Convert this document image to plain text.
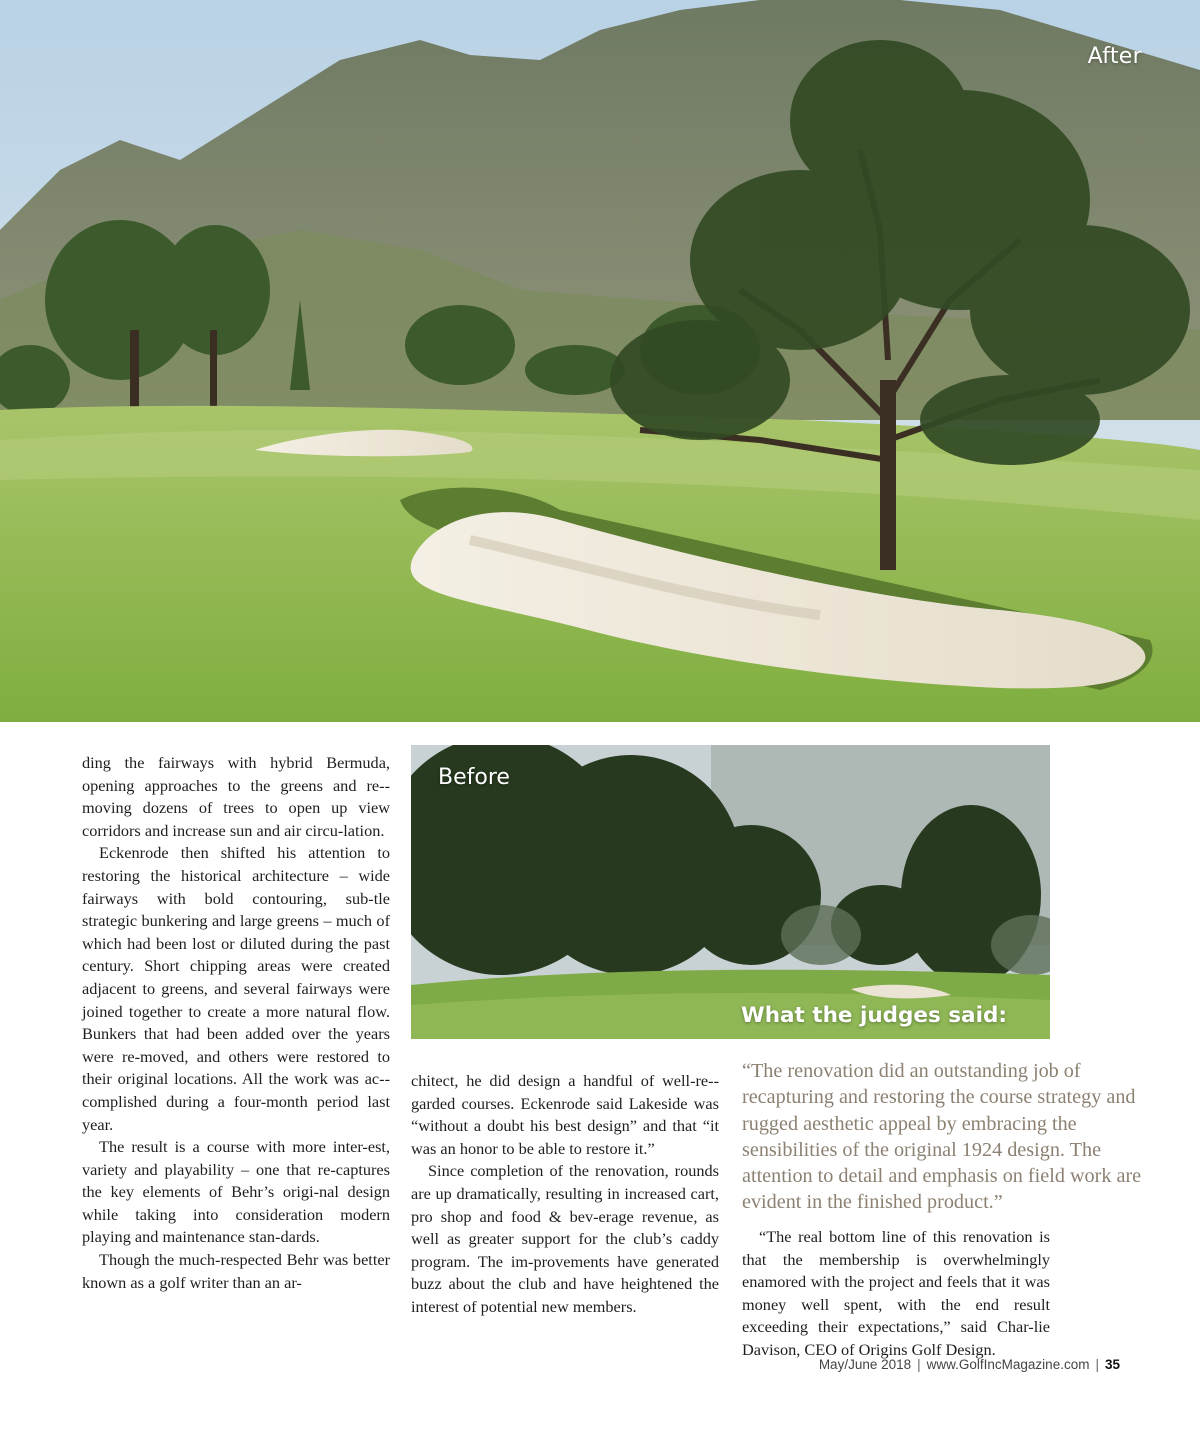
After

ding the fairways with hybrid Bermuda, opening approaches to the greens and re-moving dozens of trees to open up view corridors and increase sun and air circu-lation.

Eckenrode then shifted his attention to restoring the historical architecture – wide fairways with bold contouring, sub-tle strategic bunkering and large greens – much of which had been lost or diluted during the past century. Short chipping areas were created adjacent to greens, and several fairways were joined together to create a more natural flow. Bunkers that had been added over the years were re-moved, and others were restored to their original locations. All the work was ac-complished during a four-month period last year.

The result is a course with more inter-est, variety and playability – one that re-captures the key elements of Behr’s origi-nal design while taking into consideration modern playing and maintenance stan-dards.

Though the much-respected Behr was better known as a golf writer than an ar-

Before
What the judges said:

chitect, he did design a handful of well-re-garded courses. Eckenrode said Lakeside was “without a doubt his best design” and that “it was an honor to be able to restore it.”

Since completion of the renovation, rounds are up dramatically, resulting in increased cart, pro shop and food & bev-erage revenue, as well as greater support for the club’s caddy program. The im-provements have generated buzz about the club and have heightened the interest of potential new members.

“The renovation did an outstanding job of recapturing and restoring the course strategy and rugged aesthetic appeal by embracing the sensibilities of the original 1924 design. The attention to detail and emphasis on field work are evident in the finished product.”

“The real bottom line of this renovation is that the membership is overwhelmingly enamored with the project and feels that it was money well spent, with the end result exceeding their expectations,” said Char-lie Davison, CEO of Origins Golf Design.

May/June 2018 | www.GolfIncMagazine.com | 35
